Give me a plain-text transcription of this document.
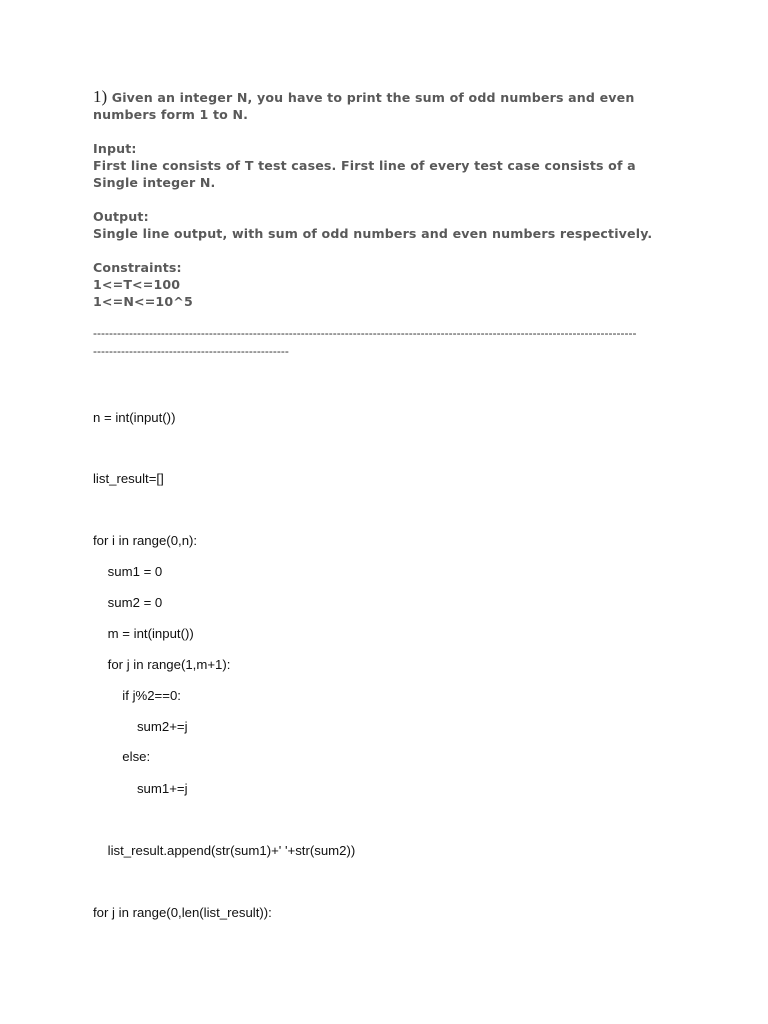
1) Given an integer N, you have to print the sum of odd numbers and even

numbers form 1 to N.

Input:

First line consists of T test cases. First line of every test case consists of a

Single integer N.

Output:

Single line output, with sum of odd numbers and even numbers respectively.

Constraints:

1<=T<=100

1<=N<=10^5

----------------------------------------------------------------------------------------------------------------------------------------
-------------------------------------------------
n = int(input())
list_result=[]
for i in range(0,n):
sum1 = 0
sum2 = 0
m = int(input())
for j in range(1,m+1):
if j%2==0:
sum2+=j
else:
sum1+=j
list_result.append(str(sum1)+' '+str(sum2))
for j in range(0,len(list_result)):
